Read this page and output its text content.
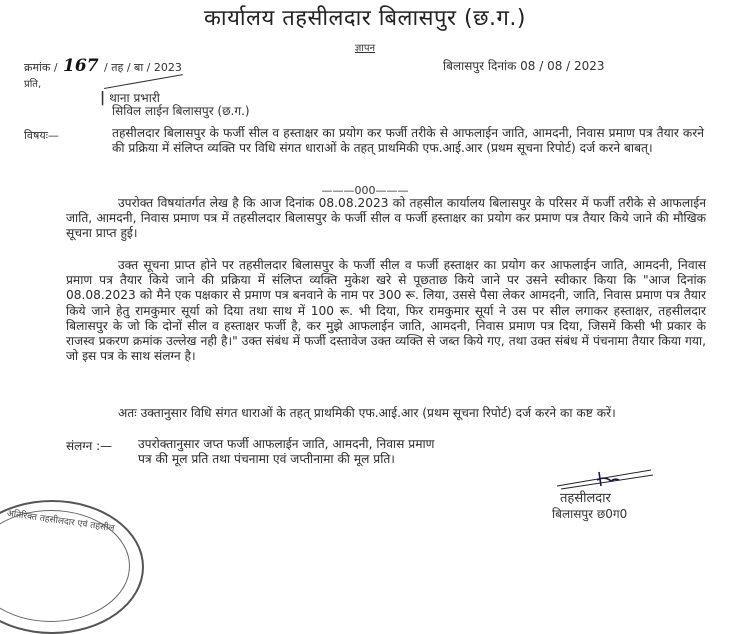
कार्यालय तहसीलदार बिलासपुर (छ.ग.)
ज्ञापन
क्रमांक / 167 / तह / बा / 2023	बिलासपुर दिनांक 08 / 08 / 2023
प्रति,
| थाना प्रभारी
सिविल लाईन बिलासपुर (छ.ग.)
विषयः—	तहसीलदार बिलासपुर के फर्जी सील व हस्ताक्षर का प्रयोग कर फर्जी तरीके से आफलाईन जाति, आमदनी, निवास प्रमाण पत्र तैयार करने की प्रक्रिया में संलिप्त व्यक्ति पर विधि संगत धाराओं के तहत् प्राथमिकी एफ.आई.आर (प्रथम सूचना रिपोर्ट) दर्ज करने बाबत्।
———000———
उपरोक्त विषयांतर्गत लेख है कि आज दिनांक 08.08.2023 को तहसील कार्यालय बिलासपुर के परिसर में फर्जी तरीके से आफलाईन जाति, आमदनी, निवास प्रमाण पत्र में तहसीलदार बिलासपुर के फर्जी सील व फर्जी हस्ताक्षर का प्रयोग कर प्रमाण पत्र तैयार किये जाने की मौखिक सूचना प्राप्त हुई।
उक्त सूचना प्राप्त होने पर तहसीलदार बिलासपुर के फर्जी सील व फर्जी हस्ताक्षर का प्रयोग कर आफलाईन जाति, आमदनी, निवास प्रमाण पत्र तैयार किये जाने की प्रक्रिया में संलिप्त व्यक्ति मुकेश खरे से पूछताछ किये जाने पर उसने स्वीकार किया कि "आज दिनांक 08.08.2023 को मैने एक पक्षकार से प्रमाण पत्र बनवाने के नाम पर 300 रू. लिया, उससे पैसा लेकर आमदनी, जाति, निवास प्रमाण पत्र तैयार किये जाने हेतु रामकुमार सूर्या को दिया तथा साथ में 100 रू. भी दिया, फिर रामकुमार सूर्या ने उस पर सील लगाकर हस्ताक्षर, तहसीलदार बिलासपुर के जो कि दोनों सील व हस्ताक्षर फर्जी है, कर मुझे आफलाईन जाति, आमदनी, निवास प्रमाण पत्र दिया, जिसमें किसी भी प्रकार के राजस्व प्रकरण क्रमांक उल्लेख नही है।" उक्त संबंध में फर्जी दस्तावेज उक्त व्यक्ति से जब्त किये गए, तथा उक्त संबंध में पंचनामा तैयार किया गया, जो इस पत्र के साथ संलग्न है।
अतः उक्तानुसार विधि संगत धाराओं के तहत् प्राथमिकी एफ.आई.आर (प्रथम सूचना रिपोर्ट) दर्ज करने का कष्ट करें।
संलग्न :— उपरोक्तानुसार जप्त फर्जी आफलाईन जाति, आमदनी, निवास प्रमाण पत्र की मूल प्रति तथा पंचनामा एवं जप्तीनामा की मूल प्रति।
तहसीलदार
बिलासपुर छ0ग0
अतिरिक्त तहसीलदार एवं तहसील
